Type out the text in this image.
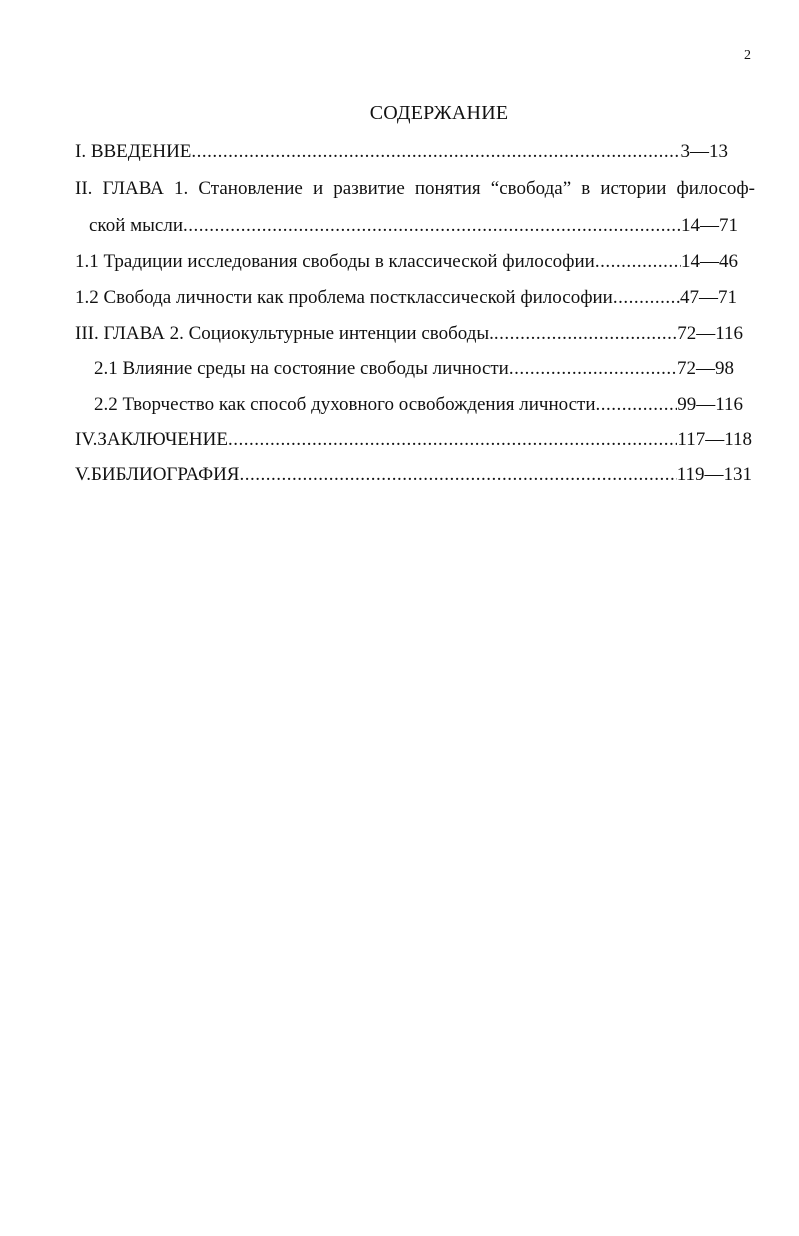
2
СОДЕРЖАНИЕ
I. ВВЕДЕНИЕ .....	3—13
II. ГЛАВА 1. Становление и развитие понятия “свобода” в истории философ-
ской мысли .....	14—71
1.1 Традиции исследования свободы в классической философии .....	14—46
1.2 Свобода личности как проблема постклассической философии .....	47—71
III. ГЛАВА 2. Социокультурные интенции свободы. .....	72—116
2.1 Влияние среды на состояние свободы личности .....	72—98
2.2 Творчество как способ духовного освобождения личности .....	99—116
IV.ЗАКЛЮЧЕНИЕ .....	117—118
V.БИБЛИОГРАФИЯ .....	119—131
